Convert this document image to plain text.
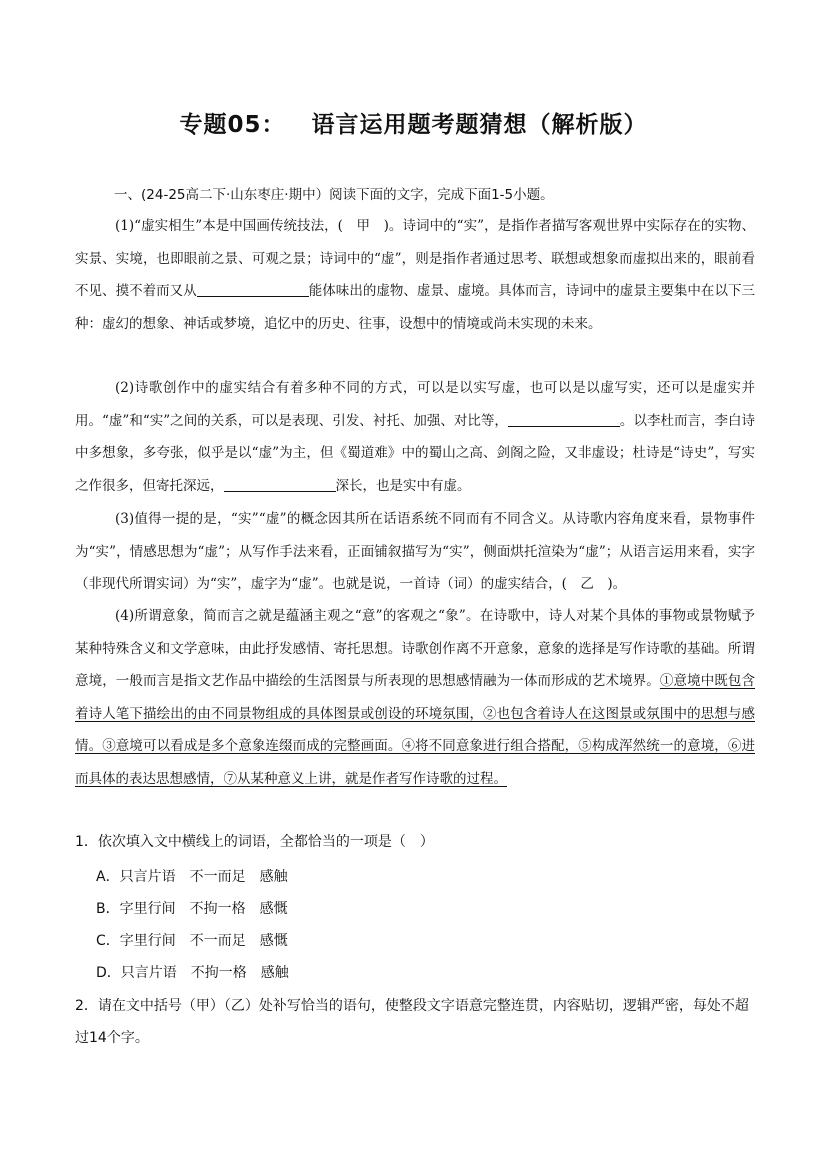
专题05： 语言运用题考题猜想（解析版）
一、(24-25高二下·山东枣庄·期中）阅读下面的文字，完成下面1-5小题。

(1)“虚实相生”本是中国画传统技法，(　甲　)。诗词中的“实”，是指作者描写客观世界中实际存在的实物、实景、实境，也即眼前之景、可观之景；诗词中的“虚”，则是指作者通过思考、联想或想象而虚拟出来的，眼前看不见、摸不着而又从	能体味出的虚物、虚景、虚境。具体而言，诗词中的虚景主要集中在以下三种：虚幻的想象、神话或梦境，追忆中的历史、往事，设想中的情境或尚未实现的未来。

(2)诗歌创作中的虚实结合有着多种不同的方式，可以是以实写虚，也可以是以虚写实，还可以是虚实并用。“虚”和“实”之间的关系，可以是表现、引发、衬托、加强、对比等，	。以李杜而言，李白诗中多想象，多夸张，似乎是以“虚”为主，但《蜀道难》中的蜀山之高、剑阁之险，又非虚设；杜诗是“诗史”，写实之作很多，但寄托深远，	深长，也是实中有虚。

(3)值得一提的是，“实”“虚”的概念因其所在话语系统不同而有不同含义。从诗歌内容角度来看，景物事件为“实”，情感思想为“虚”；从写作手法来看，正面铺叙描写为“实”，侧面烘托渲染为“虚”；从语言运用来看，实字（非现代所谓实词）为“实”，虚字为“虚”。也就是说，一首诗（词）的虚实结合，(　乙　)。

(4)所谓意象，简而言之就是蕴涵主观之“意”的客观之“象”。在诗歌中，诗人对某个具体的事物或景物赋予某种特殊含义和文学意味，由此抒发感情、寄托思想。诗歌创作离不开意象，意象的选择是写作诗歌的基础。所谓意境，一般而言是指文艺作品中描绘的生活图景与所表现的思想感情融为一体而形成的艺术境界。①意境中既包含着诗人笔下描绘出的由不同景物组成的具体图景或创设的环境氛围，②也包含着诗人在这图景或氛围中的思想与感情。③意境可以看成是多个意象连缀而成的完整画面。④将不同意象进行组合搭配，⑤构成浑然统一的意境，⑥进而具体的表达思想感情，⑦从某种意义上讲，就是作者写作诗歌的过程。

1．依次填入文中横线上的词语，全都恰当的一项是（　）

A．只言片语 不一而足 感触
B．字里行间 不拘一格 感慨
C．字里行间 不一而足 感慨
D．只言片语 不拘一格 感触

2．请在文中括号（甲）（乙）处补写恰当的语句，使整段文字语意完整连贯，内容贴切，逻辑严密，每处不超过14个字。
